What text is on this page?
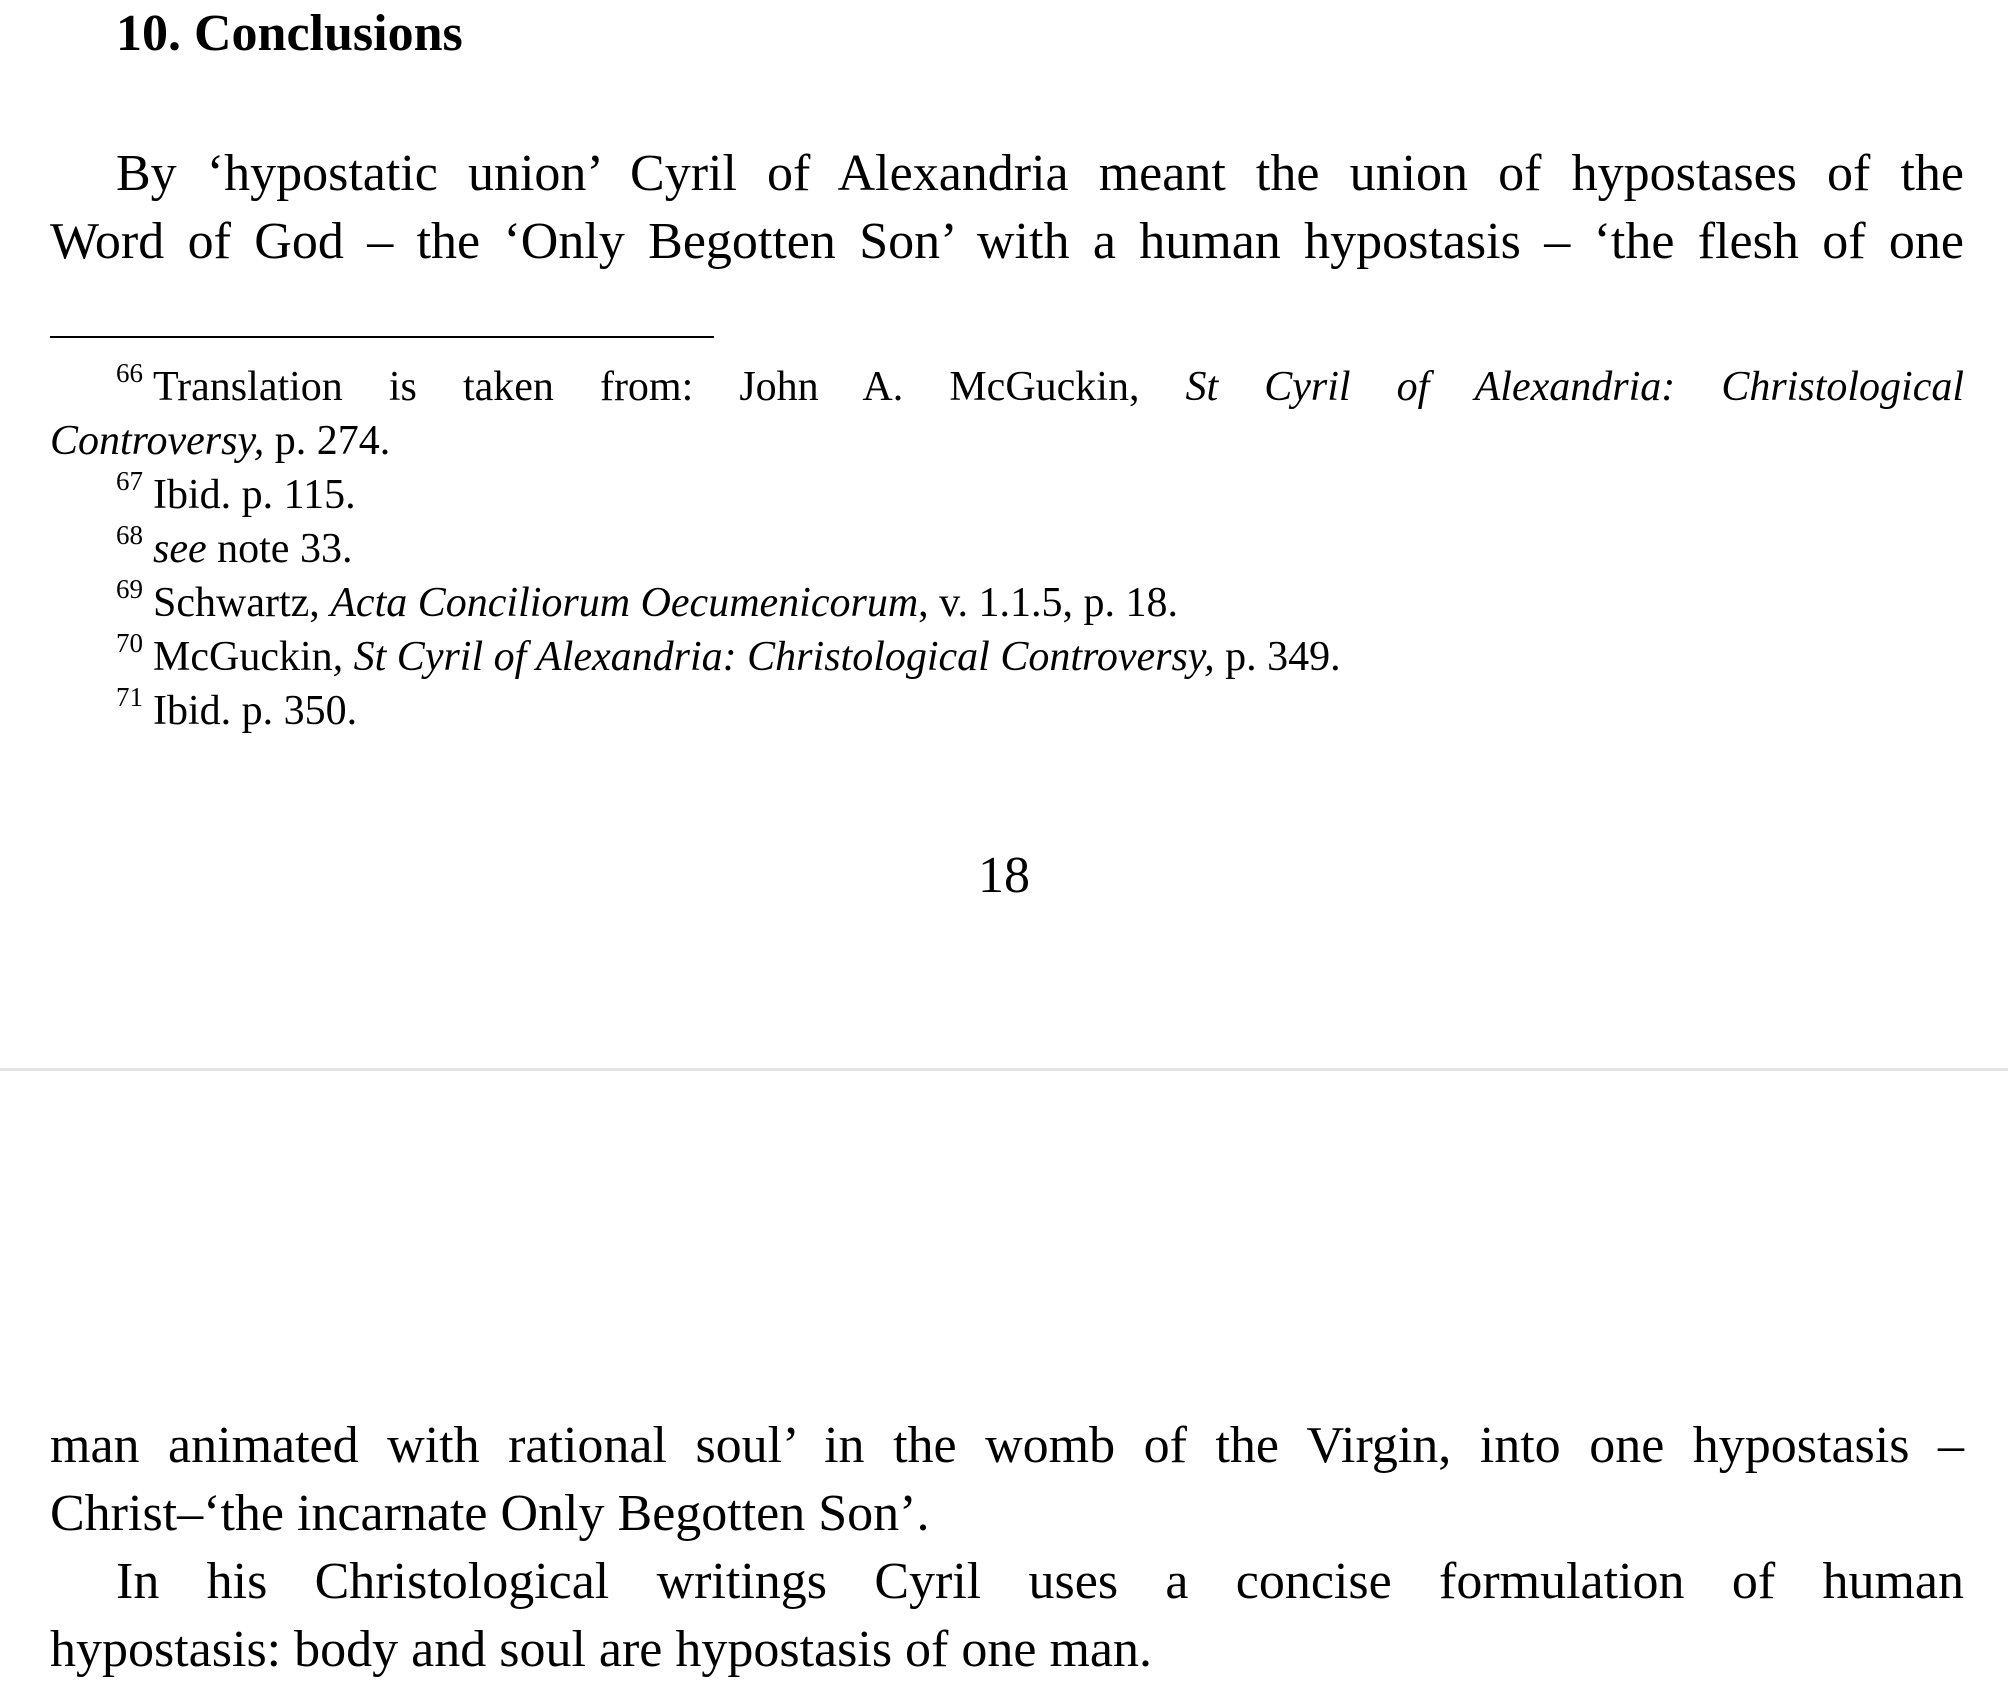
10. Conclusions

By ‘hypostatic union’ Cyril of Alexandria meant the union of hypostases of the
Word of God – the ‘Only Begotten Son’ with a human hypostasis – ‘the flesh of one

$^{66}$ Translation is taken from: John A. McGuckin, St Cyril of Alexandria: Christological
Controversy, p. 274.
$^{67}$ Ibid. p. 115.
$^{68}$ see note 33.
$^{69}$ Schwartz, Acta Conciliorum Oecumenicorum, v. 1.1.5, p. 18.
$^{70}$ McGuckin, St Cyril of Alexandria: Christological Controversy, p. 349.
$^{71}$ Ibid. p. 350.
18

man animated with rational soul’ in the womb of the Virgin, into one hypostasis –
Christ–‘the incarnate Only Begotten Son’.
In his Christological writings Cyril uses a concise formulation of human
hypostasis: body and soul are hypostasis of one man.
